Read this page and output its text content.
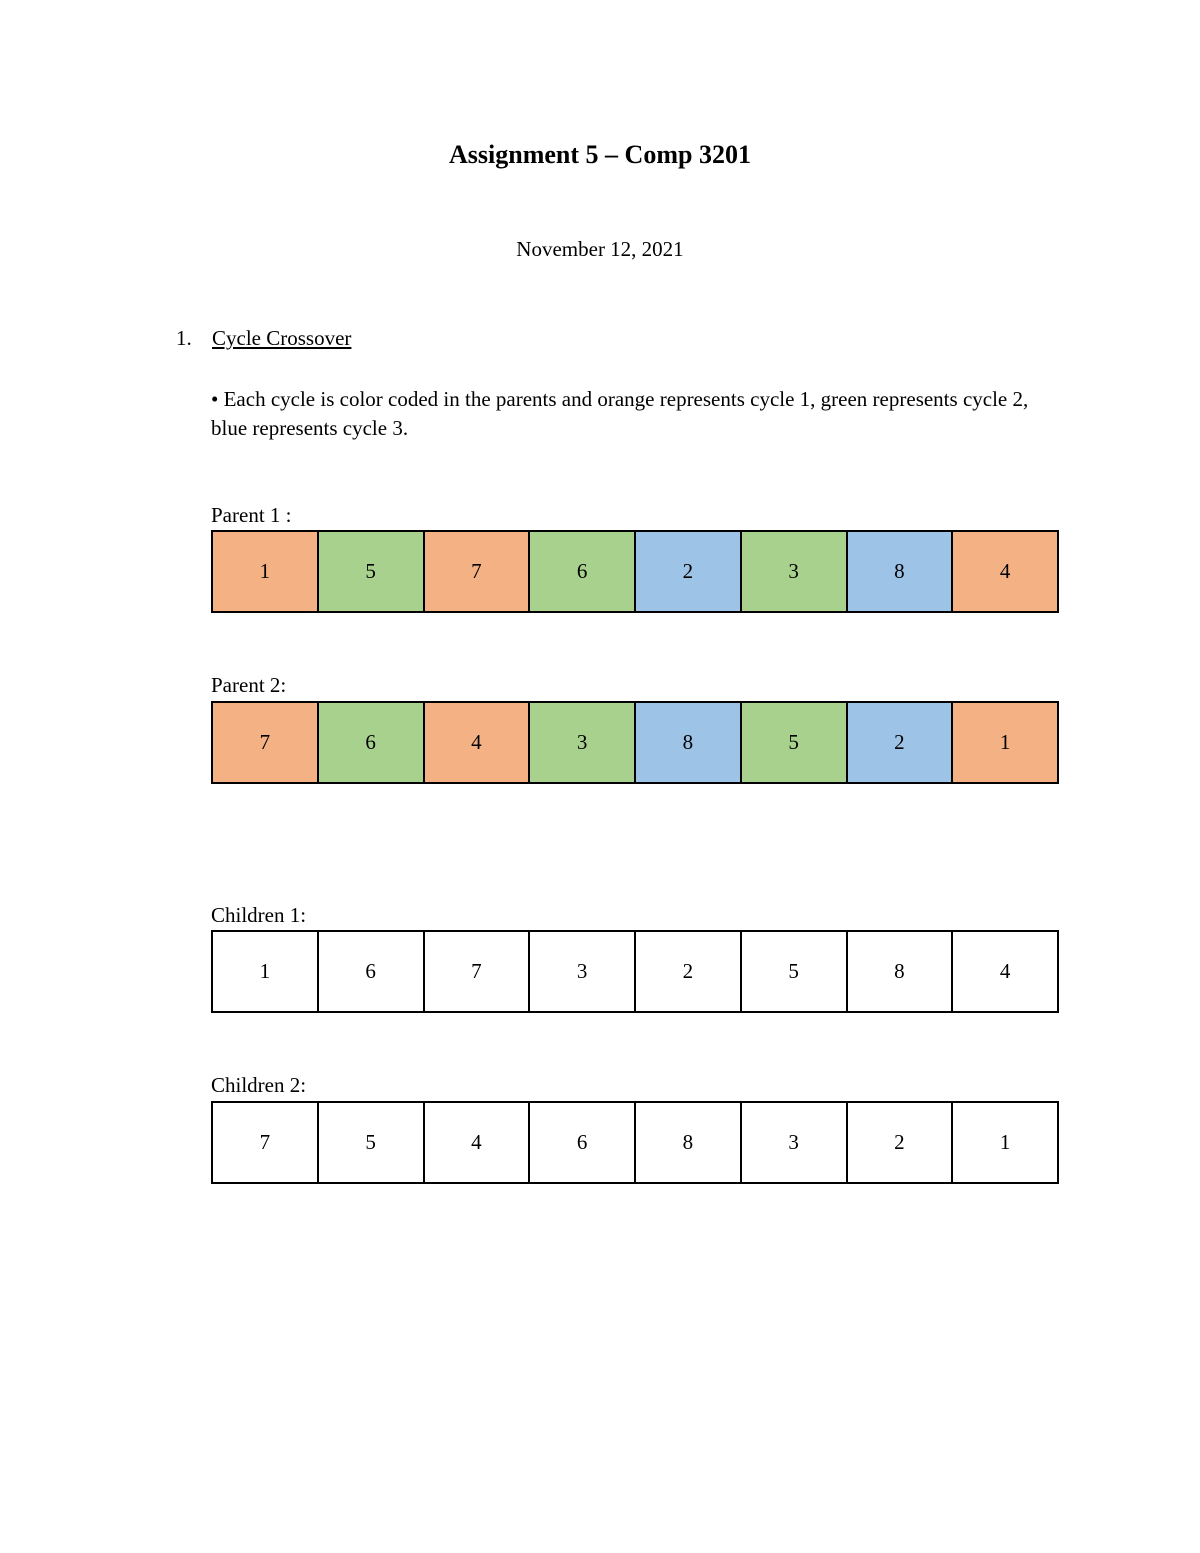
Assignment 5 – Comp 3201
November 12, 2021
1. Cycle Crossover
• Each cycle is color coded in the parents and orange represents cycle 1, green represents cycle 2, blue represents cycle 3.
Parent 1 :
1	5	7	6	2	3	8	4
Parent 2:
7	6	4	3	8	5	2	1
Children 1:
1	6	7	3	2	5	8	4
Children 2:
7	5	4	6	8	3	2	1
